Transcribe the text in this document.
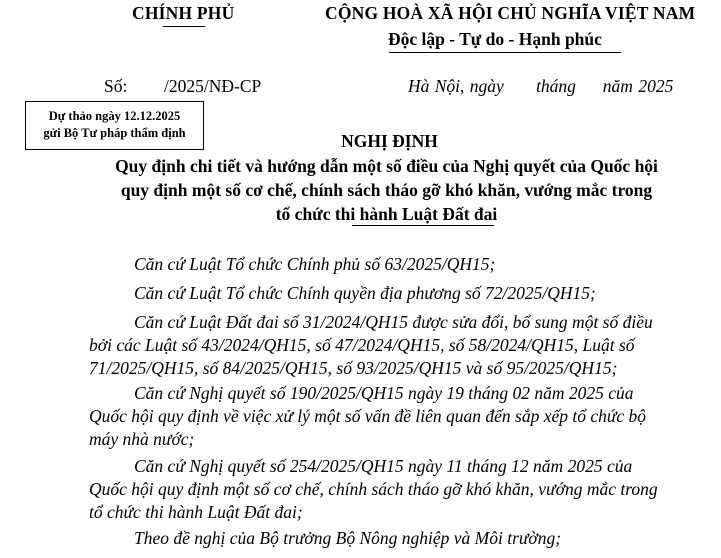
CHÍNH PHỦ	CỘNG HOÀ XÃ HỘI CHỦ NGHĨA VIỆT NAM
Độc lập - Tự do - Hạnh phúc
Số: /2025/NĐ-CP	Hà Nội, ngày      tháng     năm 2025
Dự thảo ngày 12.12.2025
gửi Bộ Tư pháp thẩm định	NGHỊ ĐỊNH
Quy định chi tiết và hướng dẫn một số điều của Nghị quyết của Quốc hội
quy định một số cơ chế, chính sách tháo gỡ khó khăn, vướng mắc trong
tổ chức thi hành Luật Đất đai
Căn cứ Luật Tổ chức Chính phủ số 63/2025/QH15;
Căn cứ Luật Tổ chức Chính quyền địa phương số 72/2025/QH15;
Căn cứ Luật Đất đai số 31/2024/QH15 được sửa đổi, bổ sung một số điều
bởi các Luật số 43/2024/QH15, số 47/2024/QH15, số 58/2024/QH15, Luật số
71/2025/QH15, số 84/2025/QH15, số 93/2025/QH15 và số 95/2025/QH15;
Căn cứ Nghị quyết số 190/2025/QH15 ngày 19 tháng 02 năm 2025 của
Quốc hội quy định về việc xử lý một số vấn đề liên quan đến sắp xếp tổ chức bộ
máy nhà nước;
Căn cứ Nghị quyết số 254/2025/QH15 ngày 11 tháng 12 năm 2025 của
Quốc hội quy định một số cơ chế, chính sách tháo gỡ khó khăn, vướng mắc trong
tổ chức thi hành Luật Đất đai;
Theo đề nghị của Bộ trưởng Bộ Nông nghiệp và Môi trường;
